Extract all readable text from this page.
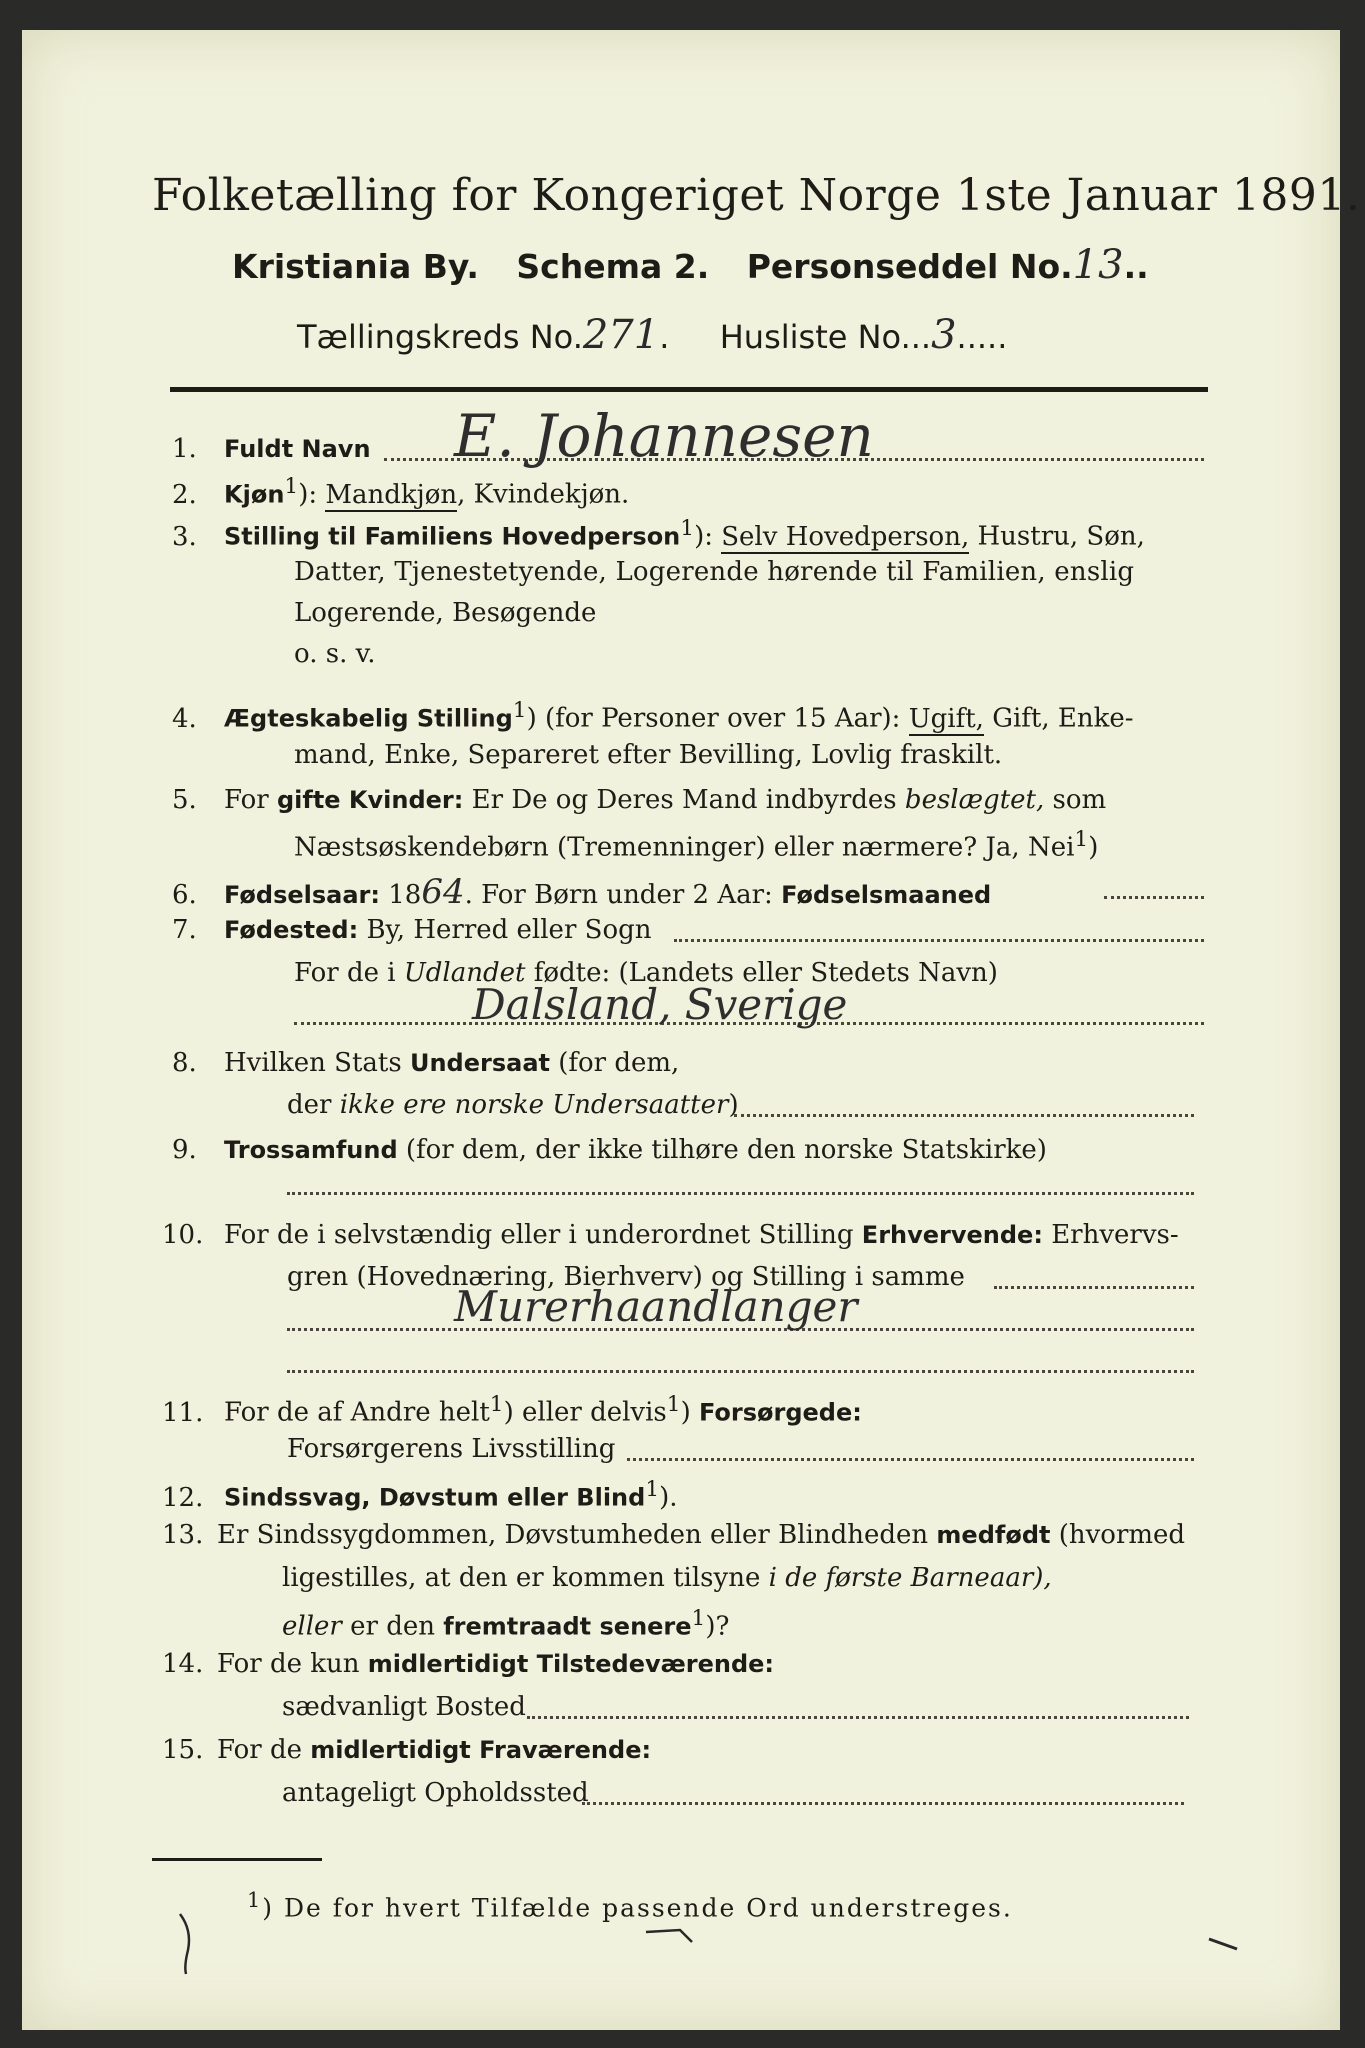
Folketælling for Kongeriget Norge 1ste Januar 1891.
Kristiania By. Schema 2. Personseddel No.13..
Tællingskreds No.271. Husliste No...3.....
1. Fuldt Navn E. Johannesen
2. Kjøn$^1$): Mandkjøn, Kvindekjøn.
3. Stilling til Familiens Hovedperson$^1$): Selv Hovedperson, Hustru, Søn,
Datter, Tjenestetyende, Logerende hørende til Familien, enslig
Logerende, Besøgende
o. s. v.
4. Ægteskabelig Stilling$^1$) (for Personer over 15 Aar): Ugift, Gift, Enke-
mand, Enke, Separeret efter Bevilling, Lovlig fraskilt.
5. For gifte Kvinder: Er De og Deres Mand indbyrdes beslægtet, som
Næstsøskendebørn (Tremenninger) eller nærmere? Ja, Nei$^1$)
6. Fødselsaar: 1864. For Børn under 2 Aar: Fødselsmaaned
7. Fødested: By, Herred eller Sogn
For de i Udlandet fødte: (Landets eller Stedets Navn)
Dalsland, Sverige
8. Hvilken Stats Undersaat (for dem,
der ikke ere norske Undersaatter)
9. Trossamfund (for dem, der ikke tilhøre den norske Statskirke)
10. For de i selvstændig eller i underordnet Stilling Erhvervende: Erhvervs-
gren (Hovednæring, Bierhverv) og Stilling i samme
Murerhaandlanger
11. For de af Andre helt$^1$) eller delvis$^1$) Forsørgede:
Forsørgerens Livsstilling
12. Sindssvag, Døvstum eller Blind$^1$).
13. Er Sindssygdommen, Døvstumheden eller Blindheden medfødt (hvormed
ligestilles, at den er kommen tilsyne i de første Barneaar),
eller er den fremtraadt senere$^1$)?
14. For de kun midlertidigt Tilstedeværende:
sædvanligt Bosted
15. For de midlertidigt Fraværende:
antageligt Opholdssted
$^1$) De for hvert Tilfælde passende Ord understreges.
